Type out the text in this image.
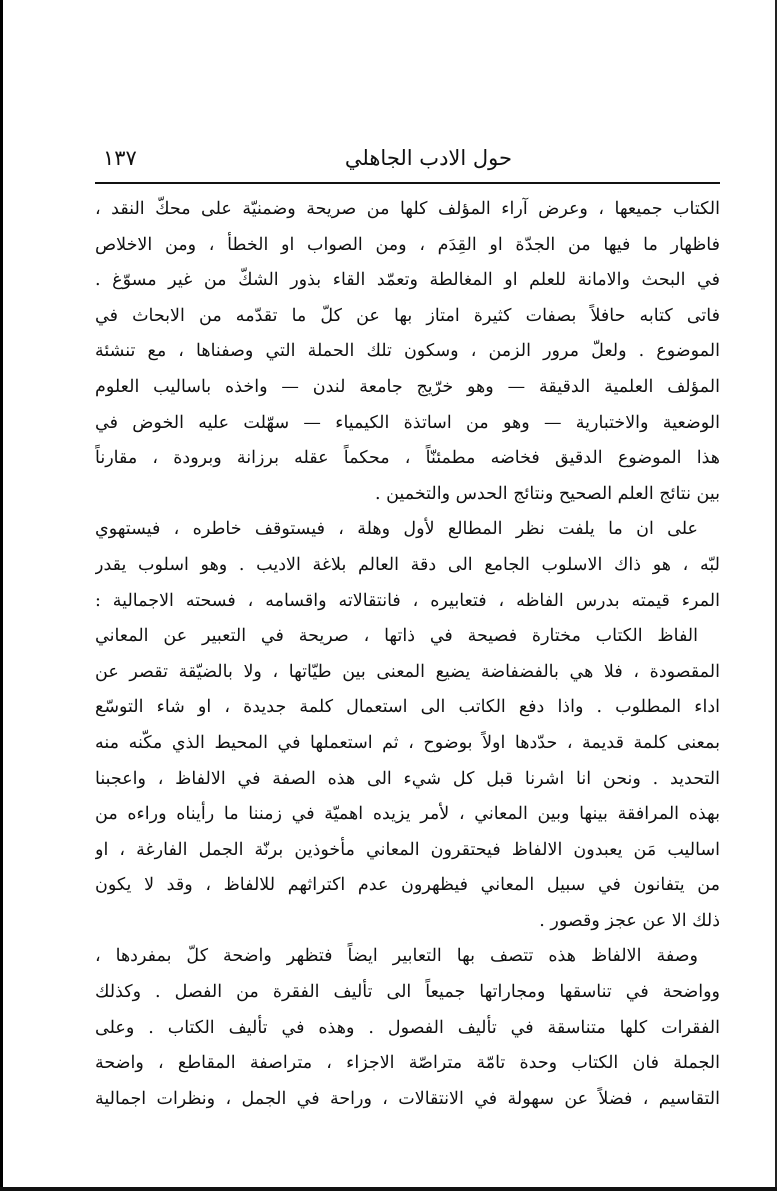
حول الادب الجاهلي
١٣٧
الكتاب جميعها ، وعرض آراء المؤلف كلها من صريحة وضمنيّة على محكّ النقد ،
فاظهار ما فيها من الجدّة او القِدَم ، ومن الصواب او الخطأ ، ومن الاخلاص
في البحث والامانة للعلم او المغالطة وتعمّد القاء بذور الشكّ من غير مسوّغ .
فاتى كتابه حافلاً بصفات كثيرة امتاز بها عن كلّ ما تقدّمه من الابحاث في
الموضوع . ولعلّ مرور الزمن ، وسكون تلك الحملة التي وصفناها ، مع تنشئة
المؤلف العلمية الدقيقة — وهو خرّيج جامعة لندن — واخذه باساليب العلوم
الوضعية والاختبارية — وهو من اساتذة الكيمياء — سهّلت عليه الخوض في
هذا الموضوع الدقيق فخاضه مطمئنّاً ، محكماً عقله برزانة وبرودة ، مقارناً
بين نتائج العلم الصحيح ونتائج الحدس والتخمين .
على ان ما يلفت نظر المطالع لأول وهلة ، فيستوقف خاطره ، فيستهوي
لبّه ، هو ذاك الاسلوب الجامع الى دقة العالم بلاغة الاديب . وهو اسلوب يقدر
المرء قيمته بدرس الفاظه ، فتعابيره ، فانتقالاته واقسامه ، فسحته الاجمالية :
الفاظ الكتاب مختارة فصيحة في ذاتها ، صريحة في التعبير عن المعاني
المقصودة ، فلا هي بالفضفاضة يضيع المعنى بين طيّاتها ، ولا بالضيّقة تقصر عن
اداء المطلوب . واذا دفع الكاتب الى استعمال كلمة جديدة ، او شاء التوسّع
بمعنى كلمة قديمة ، حدّدها اولاً بوضوح ، ثم استعملها في المحيط الذي مكّنه منه
التحديد . ونحن انا اشرنا قبل كل شيء الى هذه الصفة في الالفاظ ، واعجبنا
بهذه المرافقة بينها وبين المعاني ، لأمر يزيده اهميّة في زمننا ما رأيناه وراءه من
اساليب مَن يعبدون الالفاظ فيحتقرون المعاني مأخوذين برنّة الجمل الفارغة ، او
من يتفانون في سبيل المعاني فيظهرون عدم اكتراثهم للالفاظ ، وقد لا يكون
ذلك الا عن عجز وقصور .
وصفة الالفاظ هذه تتصف بها التعابير ايضاً فتظهر واضحة كلّ بمفردها ،
وواضحة في تناسقها ومجاراتها جميعاً الى تأليف الفقرة من الفصل . وكذلك
الفقرات كلها متناسقة في تأليف الفصول . وهذه في تأليف الكتاب . وعلى
الجملة فان الكتاب وحدة تامّة متراصّة الاجزاء ، متراصفة المقاطع ، واضحة
التقاسيم ، فضلاً عن سهولة في الانتقالات ، وراحة في الجمل ، ونظرات اجمالية
